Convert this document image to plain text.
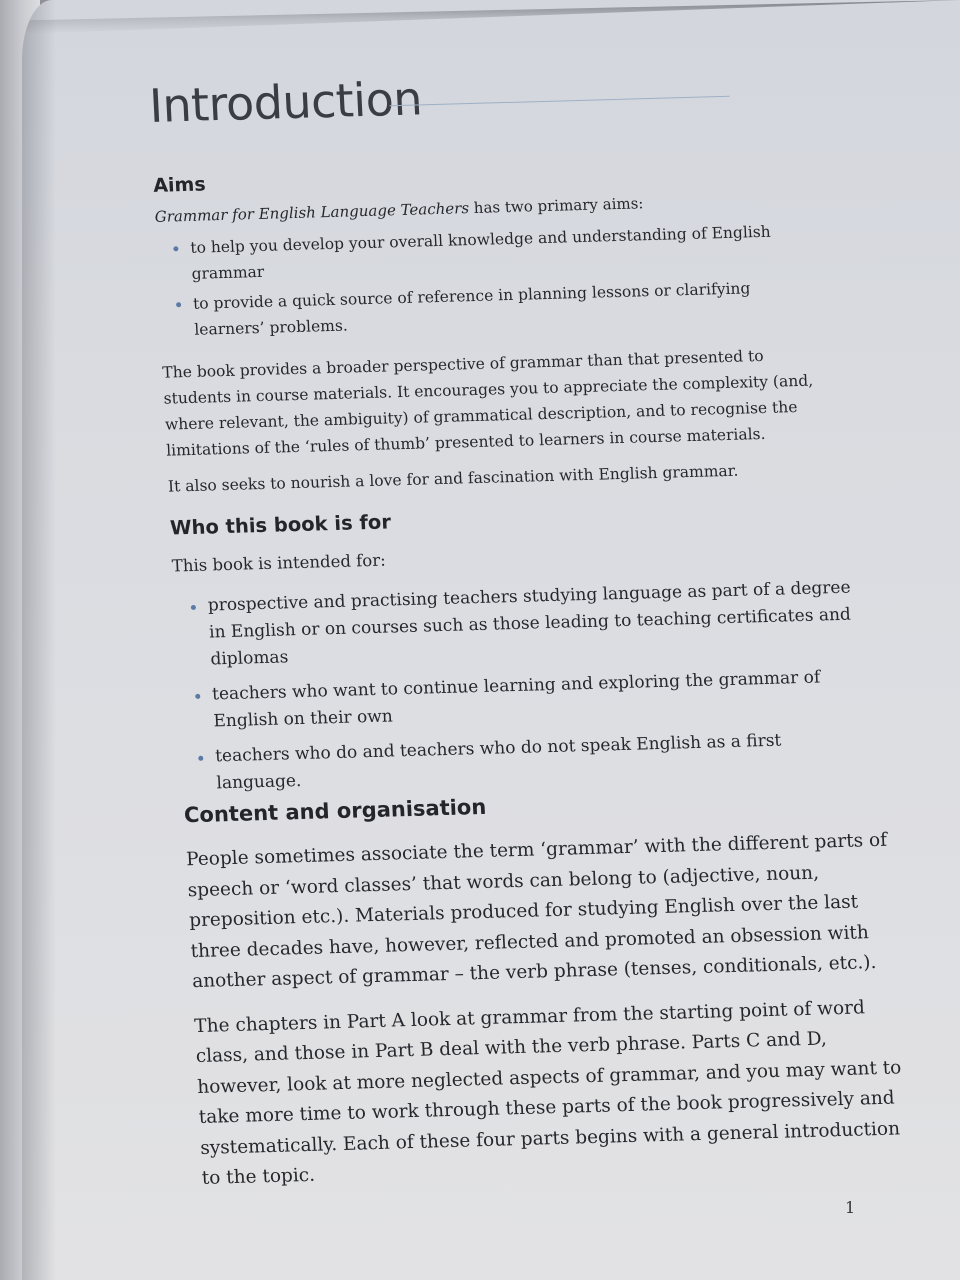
Introduction
Aims

Grammar for English Language Teachers has two primary aims:

to help you develop your overall knowledge and understanding of English grammar
to provide a quick source of reference in planning lessons or clarifying learners’ problems.

The book provides a broader perspective of grammar than that presented to students in course materials. It encourages you to appreciate the complexity (and, where relevant, the ambiguity) of grammatical description, and to recognise the limitations of the ‘rules of thumb’ presented to learners in course materials.

It also seeks to nourish a love for and fascination with English grammar.

Who this book is for

This book is intended for:

prospective and practising teachers studying language as part of a degree in English or on courses such as those leading to teaching certificates and diplomas
teachers who want to continue learning and exploring the grammar of English on their own
teachers who do and teachers who do not speak English as a first language.
Content and organisation

People sometimes associate the term ‘grammar’ with the different parts of speech or ‘word classes’ that words can belong to (adjective, noun, preposition etc.). Materials produced for studying English over the last three decades have, however, reflected and promoted an obsession with another aspect of grammar – the verb phrase (tenses, conditionals, etc.).

The chapters in Part A look at grammar from the starting point of word class, and those in Part B deal with the verb phrase. Parts C and D, however, look at more neglected aspects of grammar, and you may want to take more time to work through these parts of the book progressively and systematically. Each of these four parts begins with a general introduction to the topic.

1
